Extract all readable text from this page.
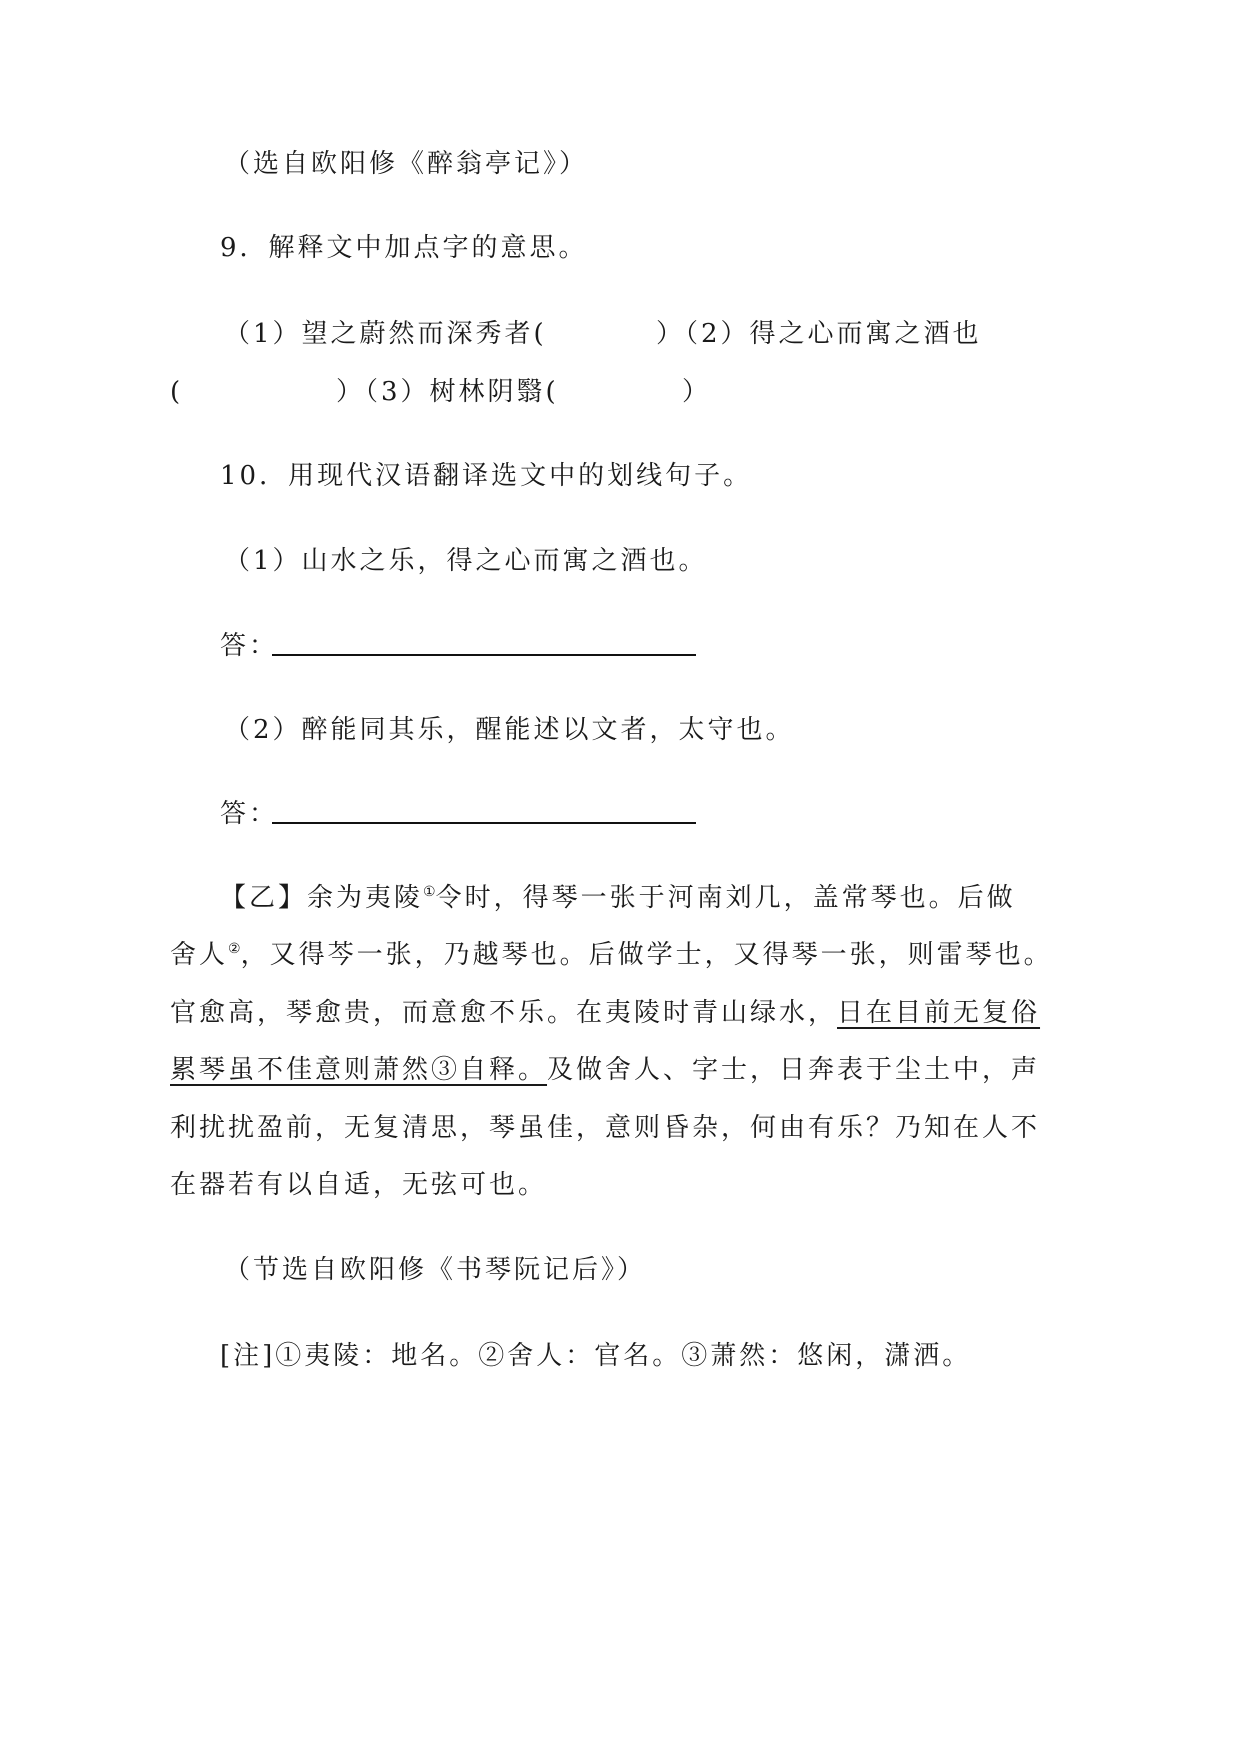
（选自欧阳修《醉翁亭记》）
9．解释文中加点字的意思。
（1）望之蔚然而深秀者(	）（2）得之心而寓之酒也
(	）（3）树林阴翳(	）
10．用现代汉语翻译选文中的划线句子。
（1）山水之乐，得之心而寓之酒也。
答：
（2）醉能同其乐，醒能述以文者，太守也。
答：
【乙】余为夷陵①令时，得琴一张于河南刘几，盖常琴也。后做
舍人②，又得芩一张，乃越琴也。后做学士，又得琴一张，则雷琴也。
官愈高，琴愈贵，而意愈不乐。在夷陵时青山绿水，日在目前无复俗
累琴虽不佳意则萧然③自释。及做舍人、字士，日奔表于尘土中，声
利扰扰盈前，无复清思，琴虽佳，意则昏杂，何由有乐？乃知在人不
在器若有以自适，无弦可也。
（节选自欧阳修《书琴阮记后》）
[注]①夷陵：地名。②舍人：官名。③萧然：悠闲，潇洒。
